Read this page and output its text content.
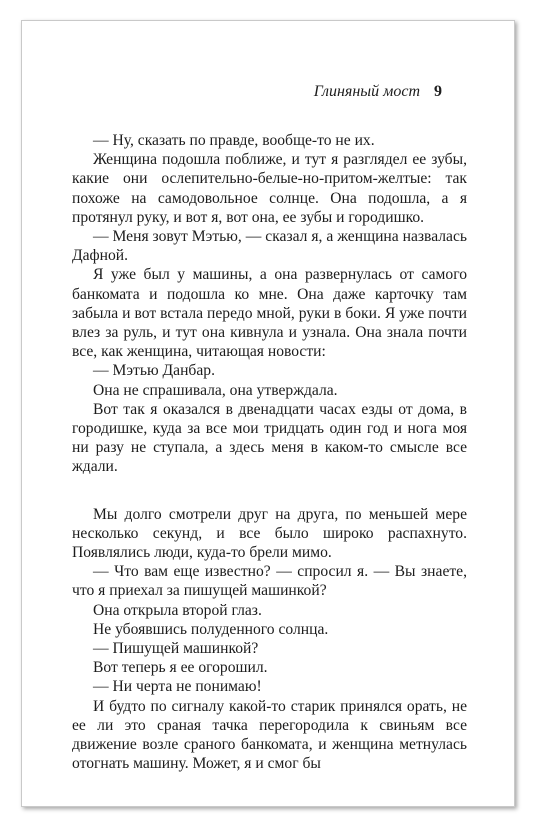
Глиняный мост 9

— Ну, сказать по правде, вообще-то не их.

Женщина подошла поближе, и тут я разглядел ее зубы, какие они ослепительно-белые-но-притом-желтые: так похоже на самодовольное солнце. Она подошла, а я протянул руку, и вот я, вот она, ее зубы и городишко.

— Меня зовут Мэтью, — сказал я, а женщина назвалась Дафной.

Я уже был у машины, а она развернулась от самого банкомата и подошла ко мне. Она даже карточку там забыла и вот встала передо мной, руки в боки. Я уже почти влез за руль, и тут она кивнула и узнала. Она знала почти все, как женщина, читающая новости:

— Мэтью Данбар.

Она не спрашивала, она утверждала.

Вот так я оказался в двенадцати часах езды от дома, в городишке, куда за все мои тридцать один год и нога моя ни разу не ступала, а здесь меня в каком-то смысле все ждали.

Мы долго смотрели друг на друга, по меньшей мере несколько секунд, и все было широко распахнуто. Появлялись люди, куда-то брели мимо.

— Что вам еще известно? — спросил я. — Вы знаете, что я приехал за пишущей машинкой?

Она открыла второй глаз.

Не убоявшись полуденного солнца.

— Пишущей машинкой?

Вот теперь я ее огорошил.

— Ни черта не понимаю!

И будто по сигналу какой-то старик принялся орать, не ее ли это сраная тачка перегородила к свиньям все движение возле сраного банкомата, и женщина метнулась отогнать машину. Может, я и смог бы
